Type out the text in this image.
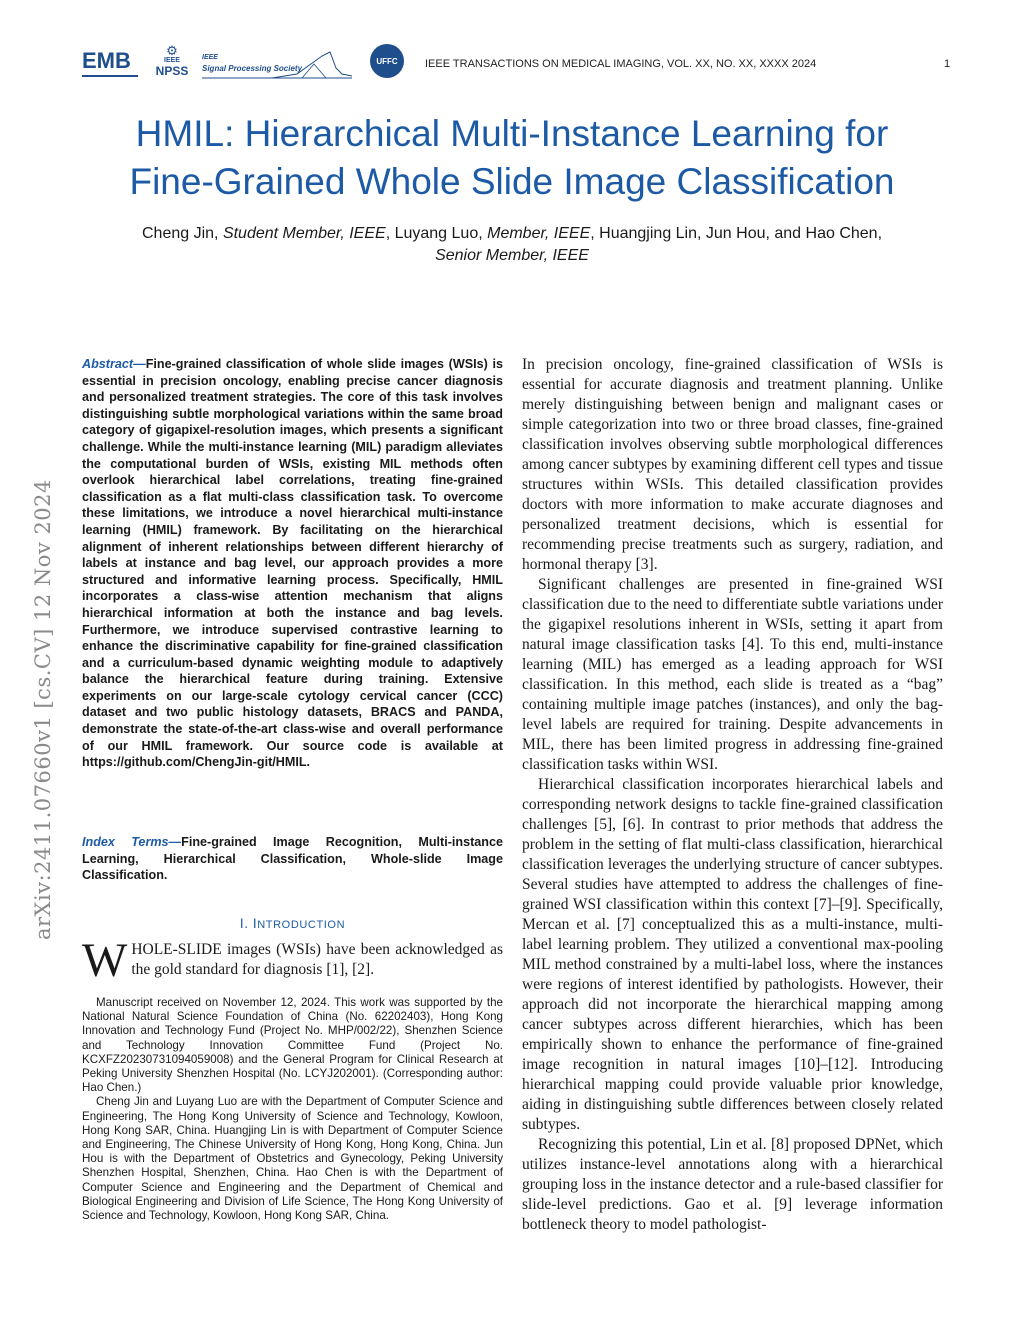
EMB	⚙
IEEE
NPSS
IEEE
Signal Processing Society
UFFC	IEEE TRANSACTIONS ON MEDICAL IMAGING, VOL. XX, NO. XX, XXXX 2024	1
HMIL: Hierarchical Multi-Instance Learning for
Fine-Grained Whole Slide Image Classification
Cheng Jin, Student Member, IEEE, Luyang Luo, Member, IEEE, Huangjing Lin, Jun Hou, and Hao Chen,
Senior Member, IEEE
arXiv:2411.07660v1 [cs.CV] 12 Nov 2024

Abstract—Fine-grained classification of whole slide images (WSIs) is essential in precision oncology, enabling precise cancer diagnosis and personalized treatment strategies. The core of this task involves distinguishing subtle morphological variations within the same broad category of gigapixel-resolution images, which presents a significant challenge. While the multi-instance learning (MIL) paradigm alleviates the computational burden of WSIs, existing MIL methods often overlook hierarchical label correlations, treating fine-grained classification as a flat multi-class classification task. To overcome these limitations, we introduce a novel hierarchical multi-instance learning (HMIL) framework. By facilitating on the hierarchical alignment of inherent relationships between different hierarchy of labels at instance and bag level, our approach provides a more structured and informative learning process. Specifically, HMIL incorporates a class-wise attention mechanism that aligns hierarchical information at both the instance and bag levels. Furthermore, we introduce supervised contrastive learning to enhance the discriminative capability for fine-grained classification and a curriculum-based dynamic weighting module to adaptively balance the hierarchical feature during training. Extensive experiments on our large-scale cytology cervical cancer (CCC) dataset and two public histology datasets, BRACS and PANDA, demonstrate the state-of-the-art class-wise and overall performance of our HMIL framework. Our source code is available at https://github.com/ChengJin-git/HMIL.

Index Terms—Fine-grained Image Recognition, Multi-instance Learning, Hierarchical Classification, Whole-slide Image Classification.

I. INTRODUCTION

WHOLE-SLIDE images (WSIs) have been acknowledged as the gold standard for diagnosis [1], [2].

Manuscript received on November 12, 2024. This work was supported by the National Natural Science Foundation of China (No. 62202403), Hong Kong Innovation and Technology Fund (Project No. MHP/002/22), Shenzhen Science and Technology Innovation Committee Fund (Project No. KCXFZ20230731094059008) and the General Program for Clinical Research at Peking University Shenzhen Hospital (No. LCYJ202001). (Corresponding author: Hao Chen.)

Cheng Jin and Luyang Luo are with the Department of Computer Science and Engineering, The Hong Kong University of Science and Technology, Kowloon, Hong Kong SAR, China. Huangjing Lin is with Department of Computer Science and Engineering, The Chinese University of Hong Kong, Hong Kong, China. Jun Hou is with the Department of Obstetrics and Gynecology, Peking University Shenzhen Hospital, Shenzhen, China. Hao Chen is with the Department of Computer Science and Engineering and the Department of Chemical and Biological Engineering and Division of Life Science, The Hong Kong University of Science and Technology, Kowloon, Hong Kong SAR, China.

In precision oncology, fine-grained classification of WSIs is essential for accurate diagnosis and treatment planning. Unlike merely distinguishing between benign and malignant cases or simple categorization into two or three broad classes, fine-grained classification involves observing subtle morphological differences among cancer subtypes by examining different cell types and tissue structures within WSIs. This detailed classification provides doctors with more information to make accurate diagnoses and personalized treatment decisions, which is essential for recommending precise treatments such as surgery, radiation, and hormonal therapy [3].

Significant challenges are presented in fine-grained WSI classification due to the need to differentiate subtle variations under the gigapixel resolutions inherent in WSIs, setting it apart from natural image classification tasks [4]. To this end, multi-instance learning (MIL) has emerged as a leading approach for WSI classification. In this method, each slide is treated as a “bag” containing multiple image patches (instances), and only the bag-level labels are required for training. Despite advancements in MIL, there has been limited progress in addressing fine-grained classification tasks within WSI.

Hierarchical classification incorporates hierarchical labels and corresponding network designs to tackle fine-grained classification challenges [5], [6]. In contrast to prior methods that address the problem in the setting of flat multi-class classification, hierarchical classification leverages the underlying structure of cancer subtypes. Several studies have attempted to address the challenges of fine-grained WSI classification within this context [7]–[9]. Specifically, Mercan et al. [7] conceptualized this as a multi-instance, multi-label learning problem. They utilized a conventional max-pooling MIL method constrained by a multi-label loss, where the instances were regions of interest identified by pathologists. However, their approach did not incorporate the hierarchical mapping among cancer subtypes across different hierarchies, which has been empirically shown to enhance the performance of fine-grained image recognition in natural images [10]–[12]. Introducing hierarchical mapping could provide valuable prior knowledge, aiding in distinguishing subtle differences between closely related subtypes.

Recognizing this potential, Lin et al. [8] proposed DPNet, which utilizes instance-level annotations along with a hierarchical grouping loss in the instance detector and a rule-based classifier for slide-level predictions. Gao et al. [9] leverage information bottleneck theory to model pathologist-
